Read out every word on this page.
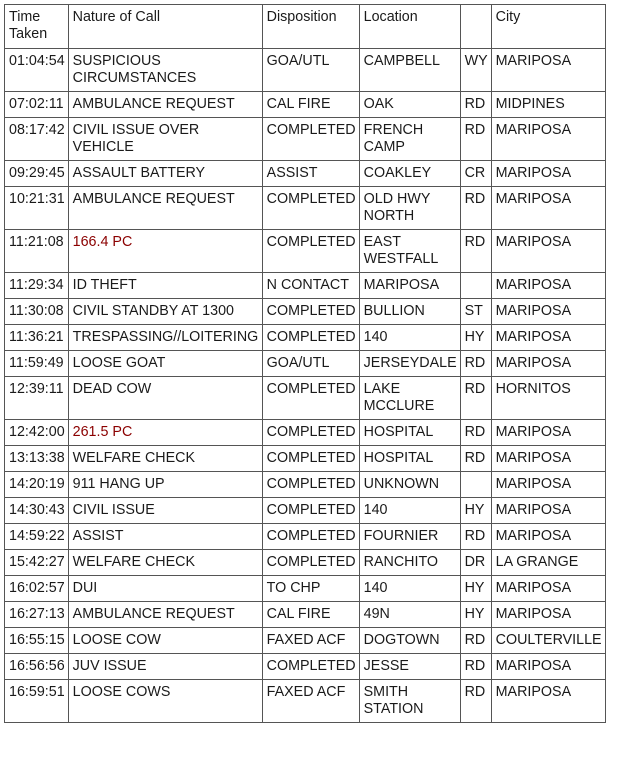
Time Taken	Nature of Call	Disposition	Location		City
01:04:54	SUSPICIOUS CIRCUMSTANCES	GOA/UTL	CAMPBELL	WY	MARIPOSA
07:02:11	AMBULANCE REQUEST	CAL FIRE	OAK	RD	MIDPINES
08:17:42	CIVIL ISSUE OVER VEHICLE	COMPLETED	FRENCH CAMP	RD	MARIPOSA
09:29:45	ASSAULT BATTERY	ASSIST	COAKLEY	CR	MARIPOSA
10:21:31	AMBULANCE REQUEST	COMPLETED	OLD HWY NORTH	RD	MARIPOSA
11:21:08	166.4 PC	COMPLETED	EAST WESTFALL	RD	MARIPOSA
11:29:34	ID THEFT	N CONTACT	MARIPOSA		MARIPOSA
11:30:08	CIVIL STANDBY AT 1300	COMPLETED	BULLION	ST	MARIPOSA
11:36:21	TRESPASSING//LOITERING	COMPLETED	140	HY	MARIPOSA
11:59:49	LOOSE GOAT	GOA/UTL	JERSEYDALE	RD	MARIPOSA
12:39:11	DEAD COW	COMPLETED	LAKE MCCLURE	RD	HORNITOS
12:42:00	261.5 PC	COMPLETED	HOSPITAL	RD	MARIPOSA
13:13:38	WELFARE CHECK	COMPLETED	HOSPITAL	RD	MARIPOSA
14:20:19	911 HANG UP	COMPLETED	UNKNOWN		MARIPOSA
14:30:43	CIVIL ISSUE	COMPLETED	140	HY	MARIPOSA
14:59:22	ASSIST	COMPLETED	FOURNIER	RD	MARIPOSA
15:42:27	WELFARE CHECK	COMPLETED	RANCHITO	DR	LA GRANGE
16:02:57	DUI	TO CHP	140	HY	MARIPOSA
16:27:13	AMBULANCE REQUEST	CAL FIRE	49N	HY	MARIPOSA
16:55:15	LOOSE COW	FAXED ACF	DOGTOWN	RD	COULTERVILLE
16:56:56	JUV ISSUE	COMPLETED	JESSE	RD	MARIPOSA
16:59:51	LOOSE COWS	FAXED ACF	SMITH STATION	RD	MARIPOSA
